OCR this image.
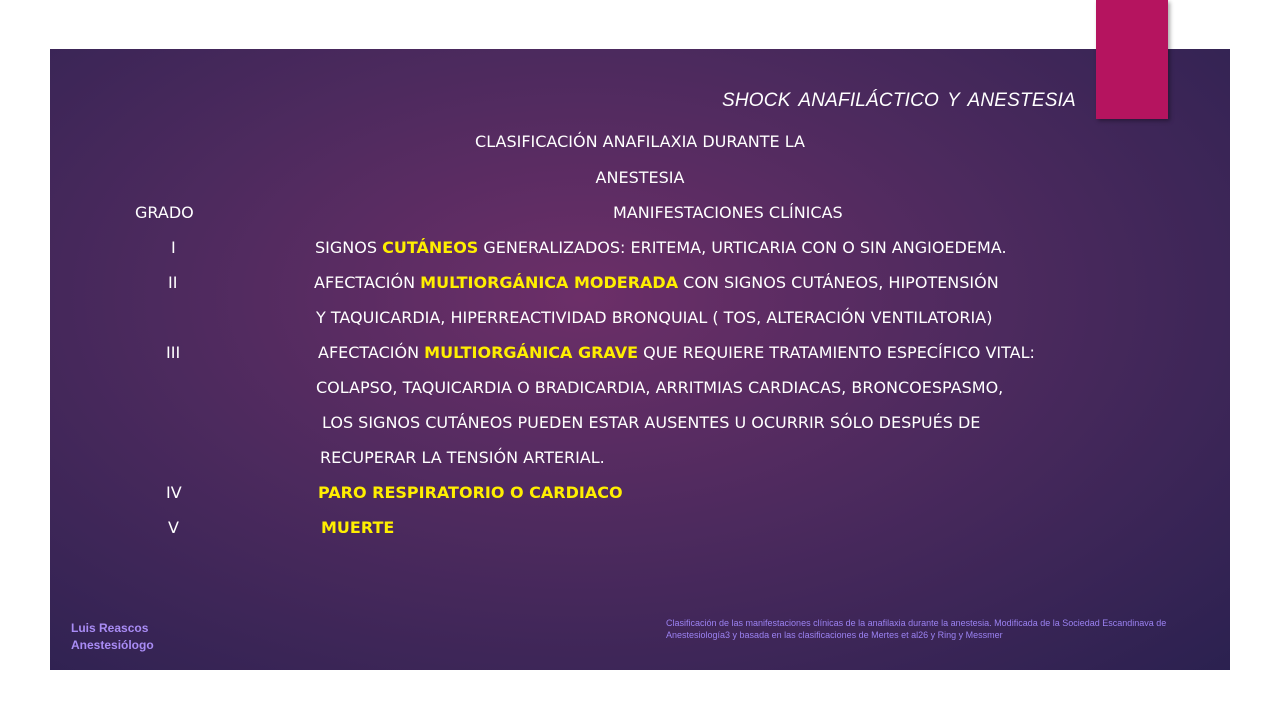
SHOCK ANAFILÁCTICO Y ANESTESIA
CLASIFICACIÓN ANAFILAXIA DURANTE LA
ANESTESIA
GRADO	MANIFESTACIONES CLÍNICAS
I	SIGNOS CUTÁNEOS GENERALIZADOS: ERITEMA, URTICARIA CON O SIN ANGIOEDEMA.
II	AFECTACIÓN MULTIORGÁNICA MODERADA CON SIGNOS CUTÁNEOS, HIPOTENSIÓN
Y TAQUICARDIA, HIPERREACTIVIDAD BRONQUIAL ( TOS, ALTERACIÓN VENTILATORIA)
III	AFECTACIÓN MULTIORGÁNICA GRAVE QUE REQUIERE TRATAMIENTO ESPECÍFICO VITAL:
COLAPSO, TAQUICARDIA O BRADICARDIA, ARRITMIAS CARDIACAS, BRONCOESPASMO,
LOS SIGNOS CUTÁNEOS PUEDEN ESTAR AUSENTES U OCURRIR SÓLO DESPUÉS DE
RECUPERAR LA TENSIÓN ARTERIAL.
IV	PARO RESPIRATORIO O CARDIACO
V	MUERTE
Luis Reascos
Anestesiólogo
Clasificación de las manifestaciones clínicas de la anafilaxia durante la anestesia. Modificada de la Sociedad Escandinava de Anestesiología3 y basada en las clasificaciones de Mertes et al26 y Ring y Messmer
